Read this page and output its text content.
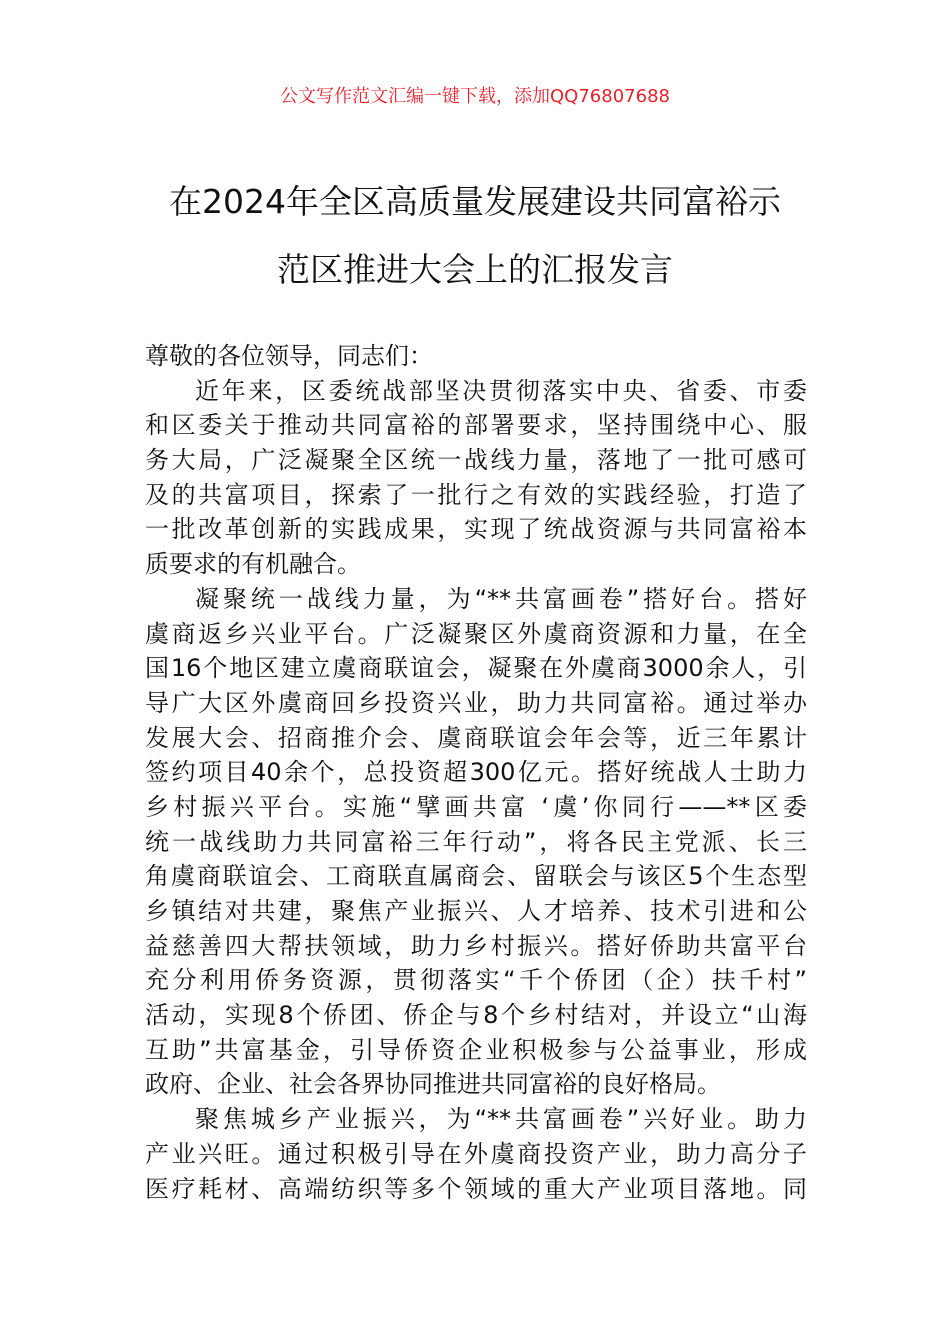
公文写作范文汇编一键下载，添加QQ76807688
在2024年全区高质量发展建设共同富裕示
范区推进大会上的汇报发言
尊敬的各位领导，同志们：
近年来，区委统战部坚决贯彻落实中央、省委、市委
和区委关于推动共同富裕的部署要求，坚持围绕中心、服
务大局，广泛凝聚全区统一战线力量，落地了一批可感可
及的共富项目，探索了一批行之有效的实践经验，打造了
一批改革创新的实践成果，实现了统战资源与共同富裕本
质要求的有机融合。
凝聚统一战线力量，为“**共富画卷”搭好台。搭好
虞商返乡兴业平台。广泛凝聚区外虞商资源和力量，在全
国16个地区建立虞商联谊会，凝聚在外虞商3000余人，引
导广大区外虞商回乡投资兴业，助力共同富裕。通过举办
发展大会、招商推介会、虞商联谊会年会等，近三年累计
签约项目40余个，总投资超300亿元。搭好统战人士助力
乡村振兴平台。实施“擘画共富 ‘虞’你同行——**区委
统一战线助力共同富裕三年行动”，将各民主党派、长三
角虞商联谊会、工商联直属商会、留联会与该区5个生态型
乡镇结对共建，聚焦产业振兴、人才培养、技术引进和公
益慈善四大帮扶领域，助力乡村振兴。搭好侨助共富平台
充分利用侨务资源，贯彻落实“千个侨团（企）扶千村”
活动，实现8个侨团、侨企与8个乡村结对，并设立“山海
互助”共富基金，引导侨资企业积极参与公益事业，形成
政府、企业、社会各界协同推进共同富裕的良好格局。
聚焦城乡产业振兴，为“**共富画卷”兴好业。助力
产业兴旺。通过积极引导在外虞商投资产业，助力高分子
医疗耗材、高端纺织等多个领域的重大产业项目落地。同
